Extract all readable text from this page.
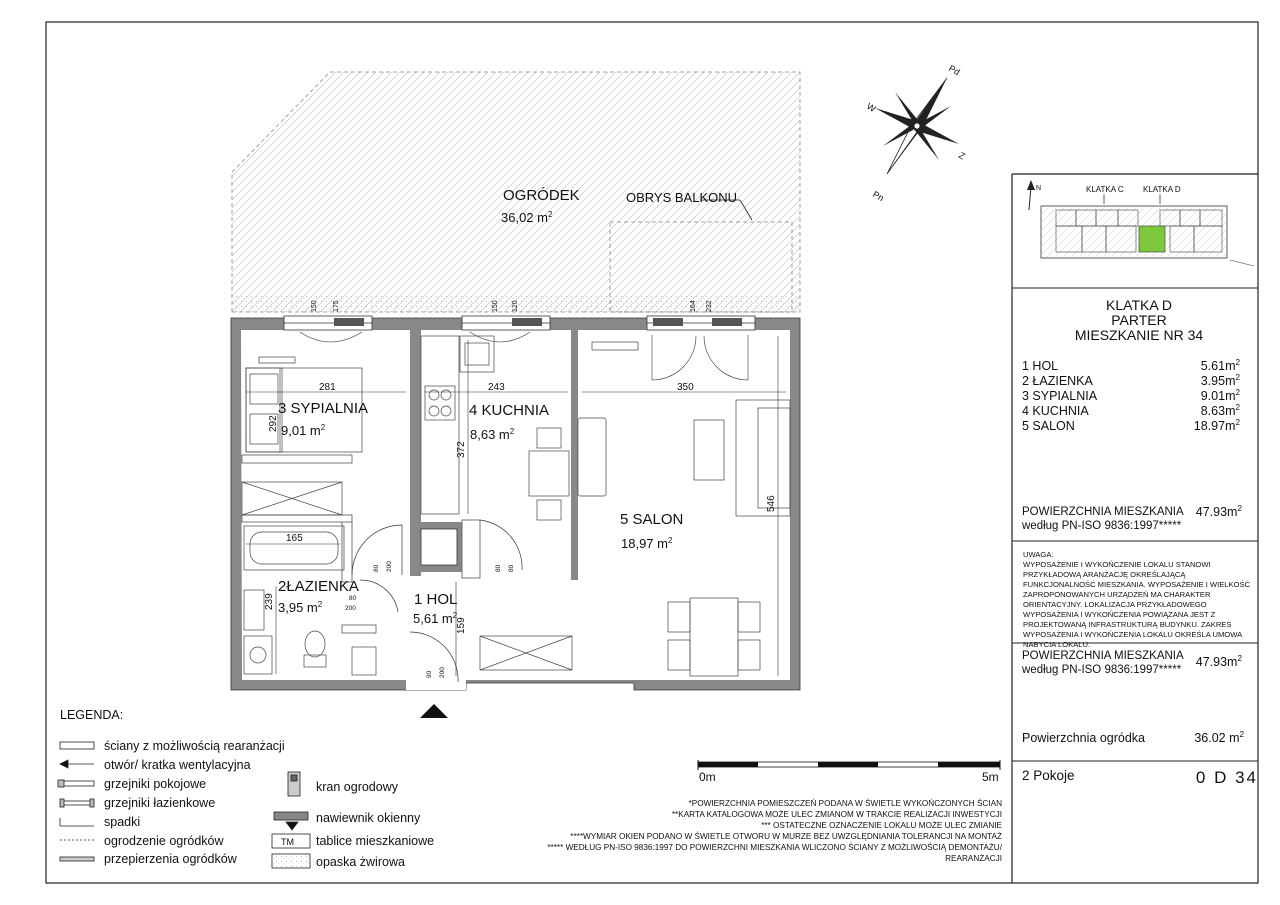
Pd
W
Z
Pn
N	KLATKA C KLATKA D
OGRÓDEK
36,02 $m^2$
OBRYS BALKONU
150 175	150 120	164 232
80 200	80 80
80
200
90 200
281	243	350
292
372
546
165
239
159
3 SYPIALNIA
9,01 $m^2$
4 KUCHNIA
8,63 $m^2$
5 SALON
18,97 $m^2$
1 HOL
5,61 $m^2$
2ŁAZIENKA
3,95 $m^2$
0m	5m
TM
KLATKA D
PARTER
MIESZKANIE NR 34
1 HOL	$5.61m^2$
2 ŁAZIENKA	$3.95m^2$
3 SYPIALNIA	$9.01m^2$
4 KUCHNIA	$8.63m^2$
5 SALON	$18.97m^2$
POWIERZCHNIA MIESZKANIA
według PN-ISO 9836:1997*****
$47.93m^2$
UWAGA:
WYPOSAŻENIE I WYKOŃCZENIE LOKALU STANOWI PRZYKŁADOWĄ ARANŻACJĘ OKREŚLAJĄCĄ FUNKCJONALNOŚĆ MIESZKANIA. WYPOSAŻENIE I WIELKOŚĆ ZAPROPONOWANYCH URZĄDZEŃ MA CHARAKTER ORIENTACYJNY. LOKALIZACJA PRZYKŁADOWEGO WYPOSAŻENIA I WYKOŃCZENIA POWIĄZANA JEST Z PROJEKTOWANĄ INFRASTRUKTURĄ BUDYNKU. ZAKRES WYPOSAŻENIA I WYKOŃCZENIA LOKALU OKREŚLA UMOWA NABYCIA LOKALU.
POWIERZCHNIA MIESZKANIA
według PN-ISO 9836:1997*****
$47.93m^2$
Powierzchnia ogródka	36.02 $m^2$
2 Pokoje	0 D 34
LEGENDA:
ściany z możliwością rearanżacji
otwór/ kratka wentylacyjna
grzejniki pokojowe
grzejniki łazienkowe
spadki
ogrodzenie ogródków
przepierzenia ogródków
kran ogrodowy
nawiewnik okienny
tablice mieszkaniowe
opaska żwirowa
*POWIERZCHNIA POMIESZCZEŃ PODANA W ŚWIETLE WYKOŃCZONYCH ŚCIAN
**KARTA KATALOGOWA MOŻE ULEC ZMIANOM W TRAKCIE REALIZACJI INWESTYCJI
*** OSTATECZNE OZNACZENIE LOKALU MOŻE ULEC ZMIANIE
****WYMIAR OKIEN PODANO W ŚWIETLE OTWORU W MURZE BEZ UWZGLĘDNIANIA TOLERANCJI NA MONTAŻ
***** WEDŁUG PN-ISO 9836:1997 DO POWIERZCHNI MIESZKANIA WLICZONO ŚCIANY Z MOŻLIWOŚCIĄ DEMONTAŻU/
REARANŻACJI
